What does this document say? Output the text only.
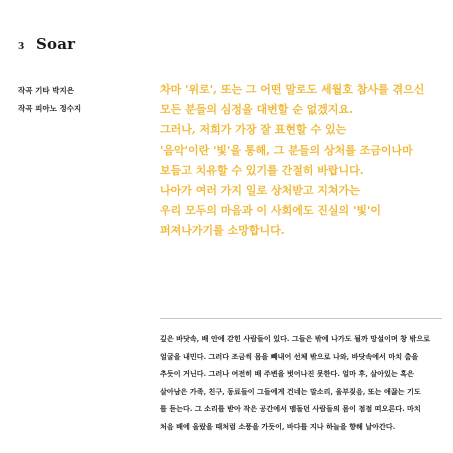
3 Soar
작곡 기타 박지은
작곡 피아노 정수지
차마 '위로', 또는 그 어떤 말로도 세월호 참사를 겪으신
모든 분들의 심정을 대변할 순 없겠지요.
그러나, 저희가 가장 잘 표현할 수 있는
'음악'이란 '빛'을 통해, 그 분들의 상처를 조금이나마
보듬고 치유할 수 있기를 간절히 바랍니다.
나아가 여러 가지 일로 상처받고 지쳐가는
우리 모두의 마음과 이 사회에도 진실의 '빛'이
퍼져나가기를 소망합니다.
깊은 바닷속, 배 안에 갇힌 사람들이 있다. 그들은 밖에 나가도 될까 망설이며 창 밖으로
얼굴을 내민다. 그러다 조금씩 몸을 빼내어 선체 밖으로 나와, 바닷속에서 마치 춤을
추듯이 거닌다. 그러나 여전히 배 주변을 벗어나진 못한다. 얼마 후, 살아있는 혹은
살아남은 가족, 친구, 동료들이 그들에게 건네는 말소리, 울부짖음, 또는 애끓는 기도
를 듣는다. 그 소리를 받아 작은 공간에서 맴돌던 사람들의 몸이 점점 떠오른다. 마치
처음 배에 올랐을 때처럼 소풍을 가듯이, 바다를 지나 하늘을 향해 날아간다.
